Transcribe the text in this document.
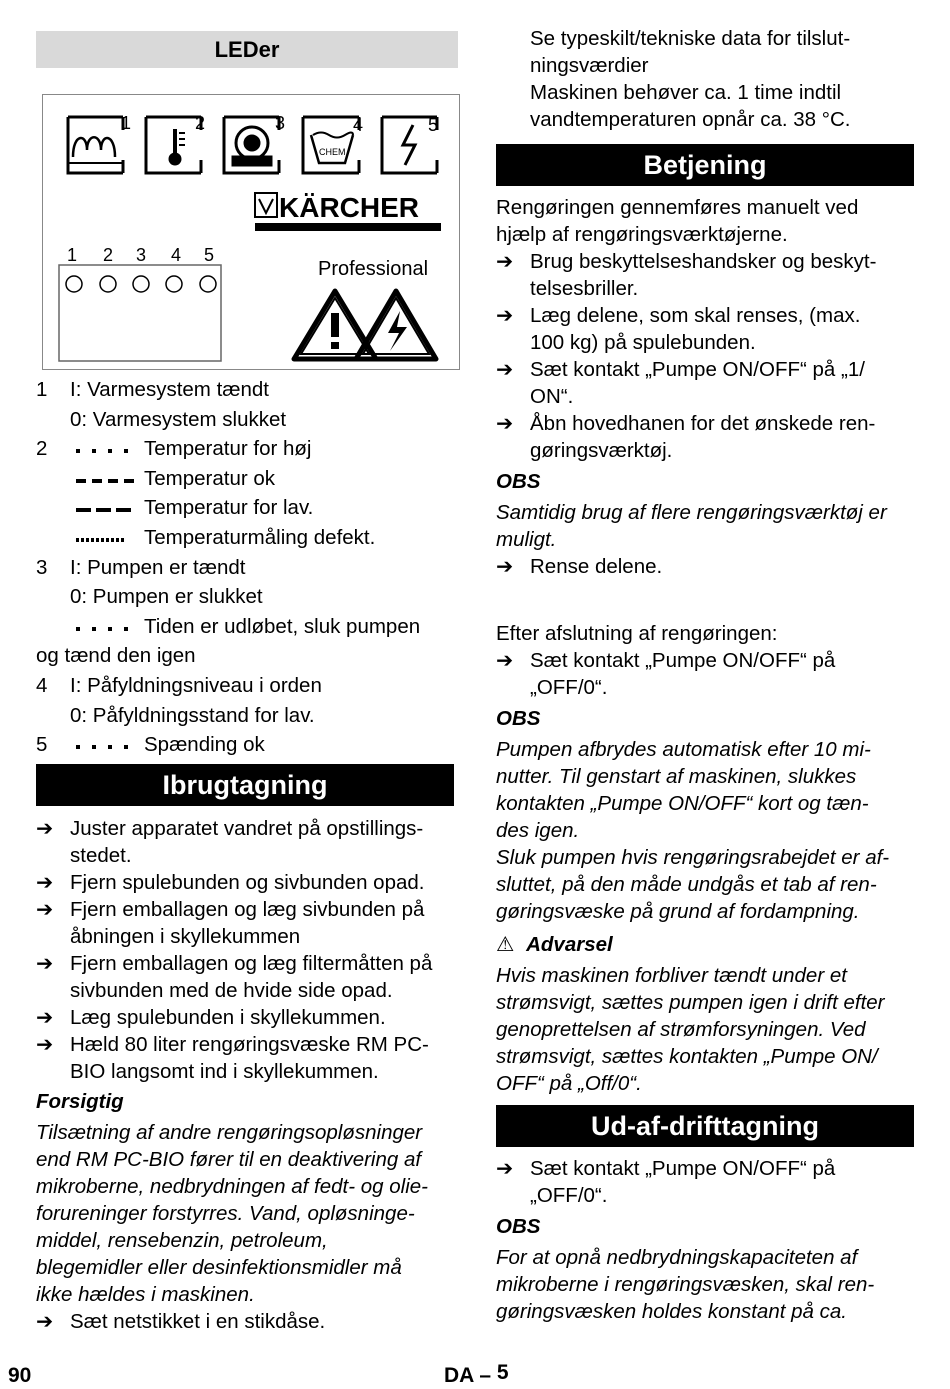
LEDer
1	2	3	4	5
CHEM
KÄRCHER
1 2 3 4 5
Professional
1 I: Varmesystem tændt
0: Varmesystem slukket
2	Temperatur for høj
Temperatur ok
Temperatur for lav.
Temperaturmåling defekt.
3 I: Pumpen er tændt
0: Pumpen er slukket
Tiden er udløbet, sluk pumpen
og tænd den igen
4 I: Påfyldningsniveau i orden
0: Påfyldningsstand for lav.
5	Spænding ok
Ibrugtagning
➔ Juster apparatet vandret på opstillings-
stedet.
➔ Fjern spulebunden og sivbunden opad.
➔ Fjern emballagen og læg sivbunden på
åbningen i skyllekummen
➔ Fjern emballagen og læg filtermåtten på
sivbunden med de hvide side opad.
➔ Læg spulebunden i skyllekummen.
➔ Hæld 80 liter rengøringsvæske RM PC-
BIO langsomt ind i skyllekummen.
Forsigtig
Tilsætning af andre rengøringsopløsninger
end RM PC-BIO fører til en deaktivering af
mikroberne, nedbrydningen af fedt- og olie-
forureninger forstyrres. Vand, opløsninge-
middel, rensebenzin, petroleum,
blegemidler eller desinfektionsmidler må
ikke hældes i maskinen.
➔ Sæt netstikket i en stikdåse.
Se typeskilt/tekniske data for tilslut-
ningsværdier
Maskinen behøver ca. 1 time indtil
vandtemperaturen opnår ca. 38 °C.
Betjening
Rengøringen gennemføres manuelt ved
hjælp af rengøringsværktøjerne.
➔ Brug beskyttelseshandsker og beskyt-
telsesbriller.
➔ Læg delene, som skal renses, (max.
100 kg) på spulebunden.
➔ Sæt kontakt „Pumpe ON/OFF“ på „1/
ON“.
➔ Åbn hovedhanen for det ønskede ren-
gøringsværktøj.
OBS
Samtidig brug af flere rengøringsværktøj er
muligt.
➔ Rense delene.
Efter afslutning af rengøringen:
➔ Sæt kontakt „Pumpe ON/OFF“ på
„OFF/0“.
OBS
Pumpen afbrydes automatisk efter 10 mi-
nutter. Til genstart af maskinen, slukkes
kontakten „Pumpe ON/OFF“ kort og tæn-
des igen.
Sluk pumpen hvis rengøringsrabejdet er af-
sluttet, på den måde undgås et tab af ren-
gøringsvæske på grund af fordampning.
⚠ Advarsel
Hvis maskinen forbliver tændt under et
strømsvigt, sættes pumpen igen i drift efter
genoprettelsen af strømforsyningen. Ved
strømsvigt, sættes kontakten „Pumpe ON/
OFF“ på „Off/0“.
Ud-af-drifttagning
➔ Sæt kontakt „Pumpe ON/OFF“ på
„OFF/0“.
OBS
For at opnå nedbrydningskapaciteten af
mikroberne i rengøringsvæsken, skal ren-
gøringsvæsken holdes konstant på ca.
90	DA – 5
